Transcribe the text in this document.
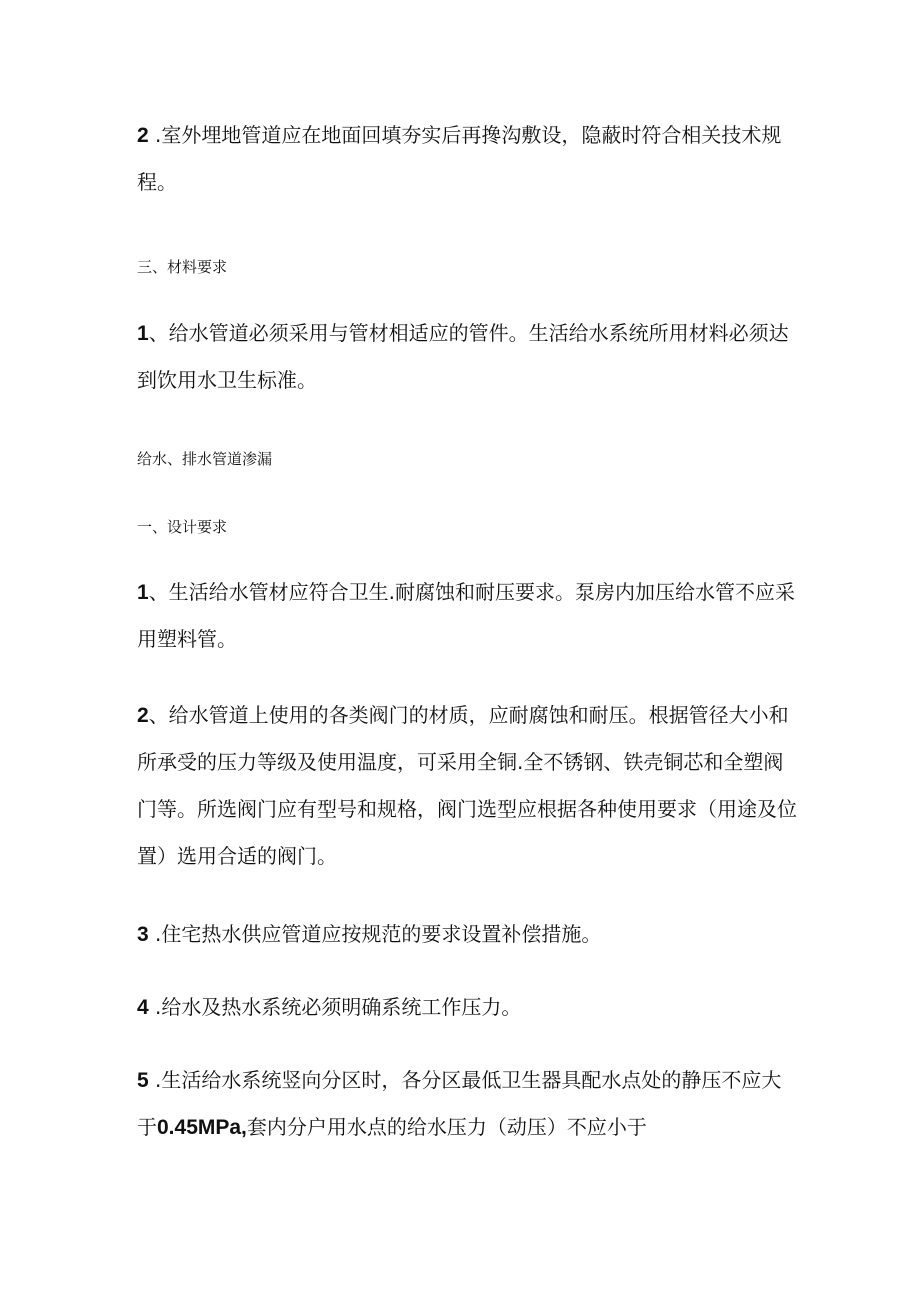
2 .室外埋地管道应在地面回填夯实后再搀沟敷设，隐蔽时符合相关技术规程。

三、材料要求

1、给水管道必须采用与管材相适应的管件。生活给水系统所用材料必须达到饮用水卫生标准。

给水、排水管道渗漏

一、设计要求

1、生活给水管材应符合卫生.耐腐蚀和耐压要求。泵房内加压给水管不应采用塑料管。

2、给水管道上使用的各类阀门的材质，应耐腐蚀和耐压。根据管径大小和所承受的压力等级及使用温度，可采用全铜.全不锈钢、铁壳铜芯和全塑阀门等。所选阀门应有型号和规格，阀门选型应根据各种使用要求（用途及位置）选用合适的阀门。

3 .住宅热水供应管道应按规范的要求设置补偿措施。

4 .给水及热水系统必须明确系统工作压力。

5 .生活给水系统竖向分区时，各分区最低卫生器具配水点处的静压不应大于0.45MPa,套内分户用水点的给水压力（动压）不应小于
